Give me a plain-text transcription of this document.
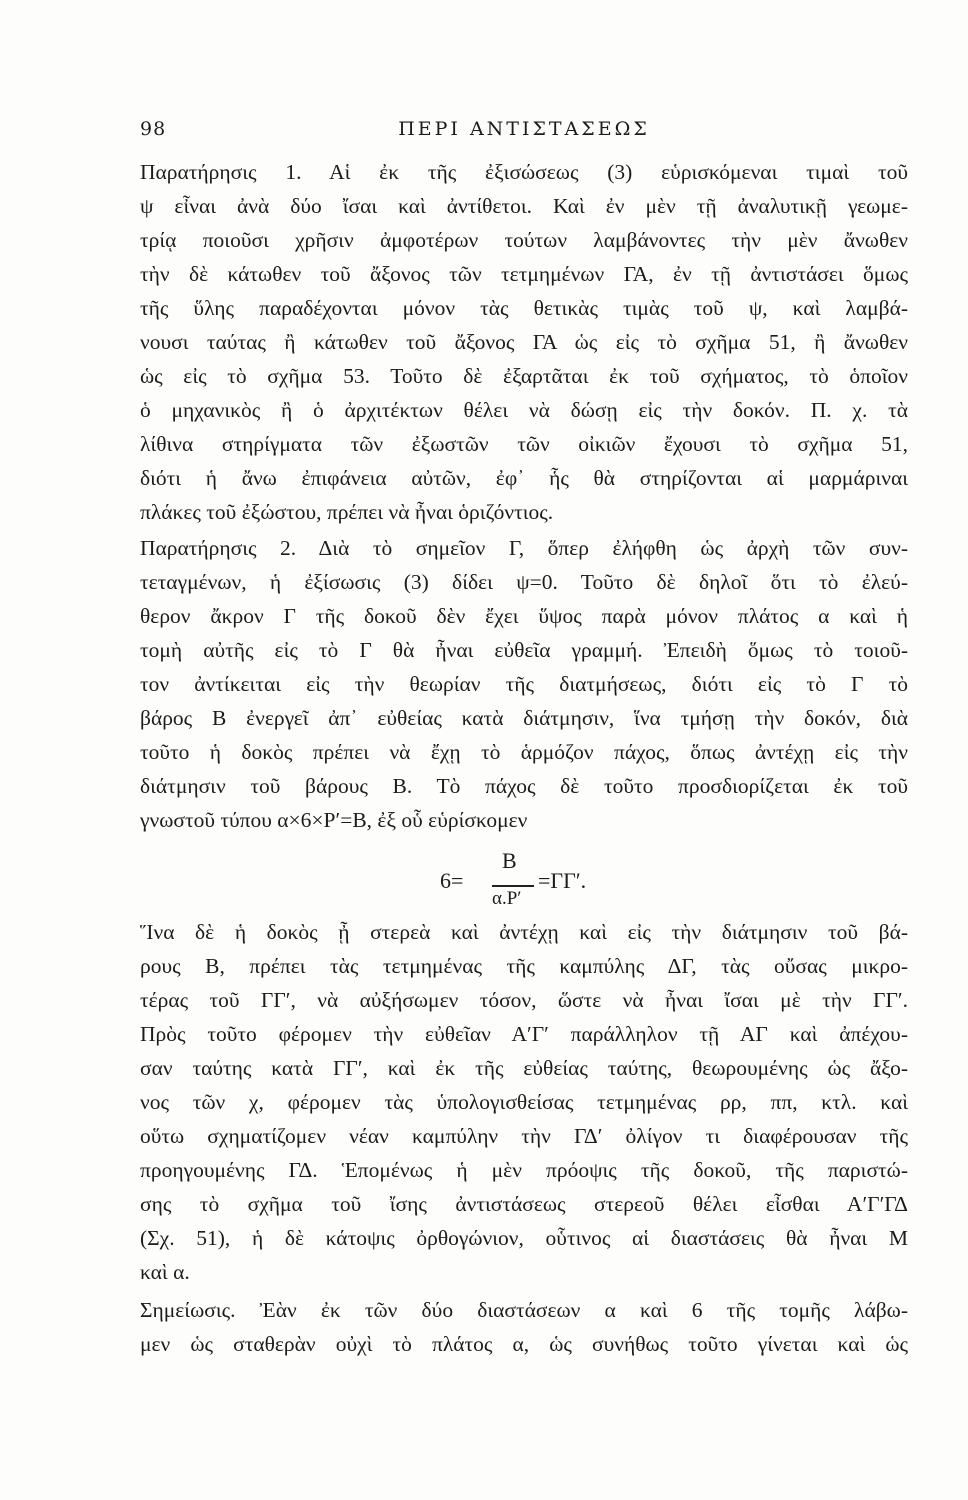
98	ΠΕΡΙ ΑΝΤΙΣΤΑΣΕΩΣ
Παρατήρησις 1. Αἱ ἐκ τῆς ἐξισώσεως (3) εὑρισκόμεναι τιμαὶ τοῦ
ψ εἶναι ἀνὰ δύο ἴσαι καὶ ἀντίθετοι. Καὶ ἐν μὲν τῇ ἀναλυτικῇ γεωμε-
τρίᾳ ποιοῦσι χρῆσιν ἀμφοτέρων τούτων λαμβάνοντες τὴν μὲν ἄνωθεν
τὴν δὲ κάτωθεν τοῦ ἄξονος τῶν τετμημένων ΓΑ, ἐν τῇ ἀντιστάσει ὅμως
τῆς ὕλης παραδέχονται μόνον τὰς θετικὰς τιμὰς τοῦ ψ, καὶ λαμβά-
νουσι ταύτας ἢ κάτωθεν τοῦ ἄξονος ΓΑ ὡς εἰς τὸ σχῆμα 51, ἢ ἄνωθεν
ὡς εἰς τὸ σχῆμα 53. Τοῦτο δὲ ἐξαρτᾶται ἐκ τοῦ σχήματος, τὸ ὁποῖον
ὁ μηχανικὸς ἢ ὁ ἀρχιτέκτων θέλει νὰ δώσῃ εἰς τὴν δοκόν. Π. χ. τὰ
λίθινα στηρίγματα τῶν ἐξωστῶν τῶν οἰκιῶν ἔχουσι τὸ σχῆμα 51,
διότι ἡ ἄνω ἐπιφάνεια αὐτῶν, ἐφ᾽ ἧς θὰ στηρίζονται αἱ μαρμάριναι
πλάκες τοῦ ἐξώστου, πρέπει νὰ ἦναι ὁριζόντιος.
Παρατήρησις 2. Διὰ τὸ σημεῖον Γ, ὅπερ ἐλήφθη ὡς ἀρχὴ τῶν συν-
τεταγμένων, ἡ ἐξίσωσις (3) δίδει ψ=0. Τοῦτο δὲ δηλοῖ ὅτι τὸ ἐλεύ-
θερον ἄκρον Γ τῆς δοκοῦ δὲν ἔχει ὕψος παρὰ μόνον πλάτος α καὶ ἡ
τομὴ αὐτῆς εἰς τὸ Γ θὰ ἦναι εὐθεῖα γραμμή. Ἐπειδὴ ὅμως τὸ τοιοῦ-
τον ἀντίκειται εἰς τὴν θεωρίαν τῆς διατμήσεως, διότι εἰς τὸ Γ τὸ
βάρος Β ἐνεργεῖ ἀπ᾽ εὐθείας κατὰ διάτμησιν, ἵνα τμήσῃ τὴν δοκόν, διὰ
τοῦτο ἡ δοκὸς πρέπει νὰ ἔχῃ τὸ ἁρμόζον πάχος, ὅπως ἀντέχῃ εἰς τὴν
διάτμησιν τοῦ βάρους Β. Τὸ πάχος δὲ τοῦτο προσδιορίζεται ἐκ τοῦ
γνωστοῦ τύπου α×6×Ρ′=Β, ἐξ οὗ εὑρίσκομεν
6=
Β
α.Ρ′
=ΓΓ′.
Ἵνα δὲ ἡ δοκὸς ᾖ στερεὰ καὶ ἀντέχῃ καὶ εἰς τὴν διάτμησιν τοῦ βά-
ρους Β, πρέπει τὰς τετμημένας τῆς καμπύλης ΔΓ, τὰς οὔσας μικρο-
τέρας τοῦ ΓΓ′, νὰ αὐξήσωμεν τόσον, ὥστε νὰ ἦναι ἴσαι μὲ τὴν ΓΓ′.
Πρὸς τοῦτο φέρομεν τὴν εὐθεῖαν Α′Γ′ παράλληλον τῇ ΑΓ καὶ ἀπέχου-
σαν ταύτης κατὰ ΓΓ′, καὶ ἐκ τῆς εὐθείας ταύτης, θεωρουμένης ὡς ἄξο-
νος τῶν χ, φέρομεν τὰς ὑπολογισθείσας τετμημένας ρρ, ππ, κτλ. καὶ
οὕτω σχηματίζομεν νέαν καμπύλην τὴν ΓΔ′ ὀλίγον τι διαφέρουσαν τῆς
προηγουμένης ΓΔ. Ἑπομένως ἡ μὲν πρόοψις τῆς δοκοῦ, τῆς παριστώ-
σης τὸ σχῆμα τοῦ ἴσης ἀντιστάσεως στερεοῦ θέλει εἶσθαι Α′Γ′ΓΔ
(Σχ. 51), ἡ δὲ κάτοψις ὀρθογώνιον, οὗτινος αἱ διαστάσεις θὰ ἦναι Μ
καὶ α.
Σημείωσις. Ἐὰν ἐκ τῶν δύο διαστάσεων α καὶ 6 τῆς τομῆς λάβω-
μεν ὡς σταθερὰν οὐχὶ τὸ πλάτος α, ὡς συνήθως τοῦτο γίνεται καὶ ὡς
